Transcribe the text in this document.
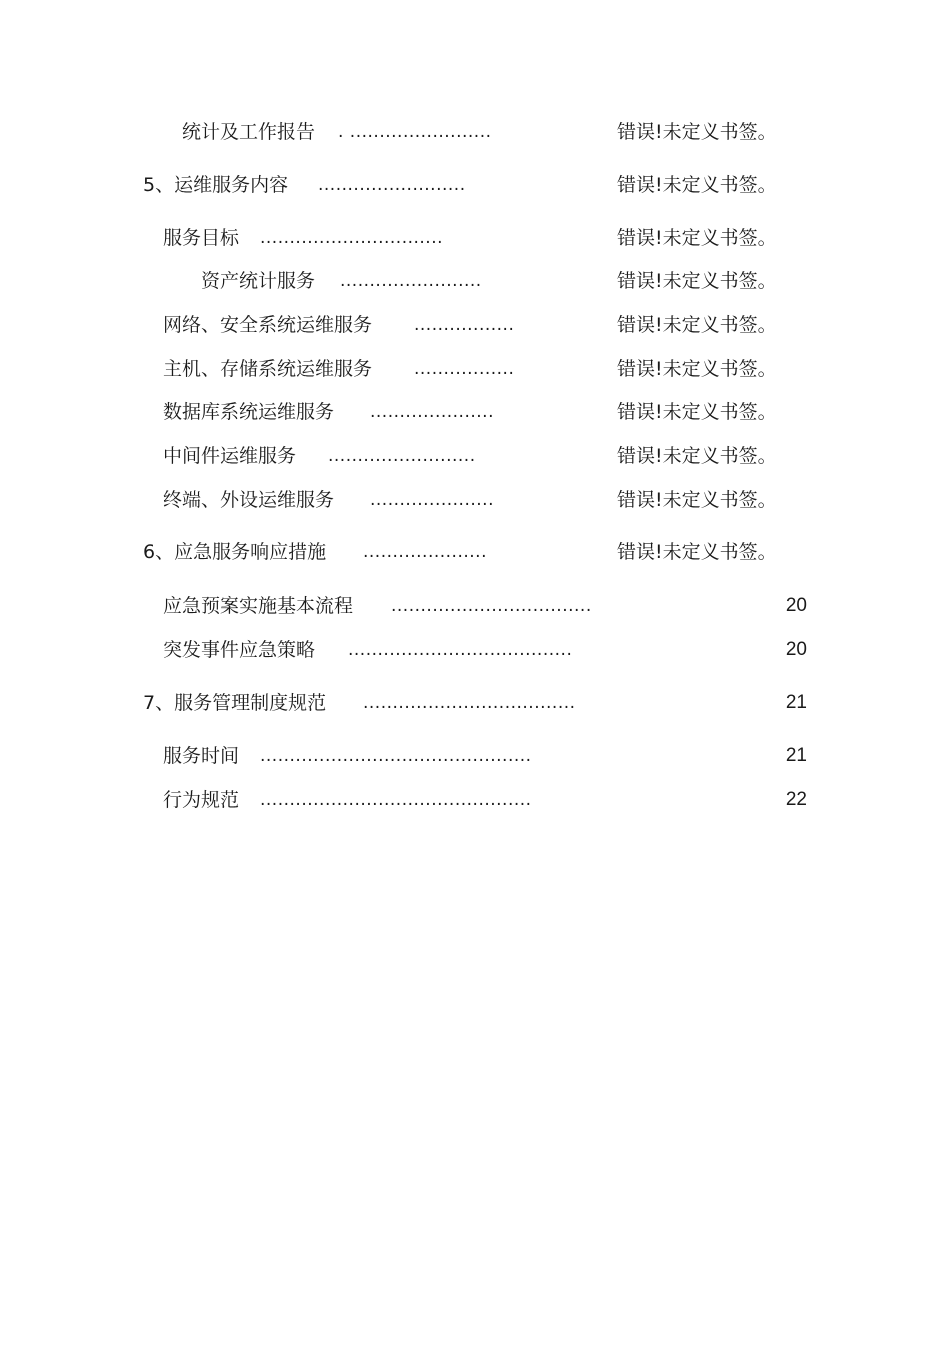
统计及工作报告 . ........................	错误!未定义书签。
5、运维服务内容 .........................	错误!未定义书签。
服务目标 ...............................	错误!未定义书签。
资产统计服务 ........................	错误!未定义书签。
网络、安全系统运维服务 .................	错误!未定义书签。
主机、存储系统运维服务 .................	错误!未定义书签。
数据库系统运维服务 .....................	错误!未定义书签。
中间件运维服务 .........................	错误!未定义书签。
终端、外设运维服务 .....................	错误!未定义书签。
6、应急服务响应措施 .....................	错误!未定义书签。
应急预案实施基本流程 ..................................	20
突发事件应急策略 ......................................	20
7、服务管理制度规范 ....................................	21
服务时间 ..............................................	21
行为规范 ..............................................	22
